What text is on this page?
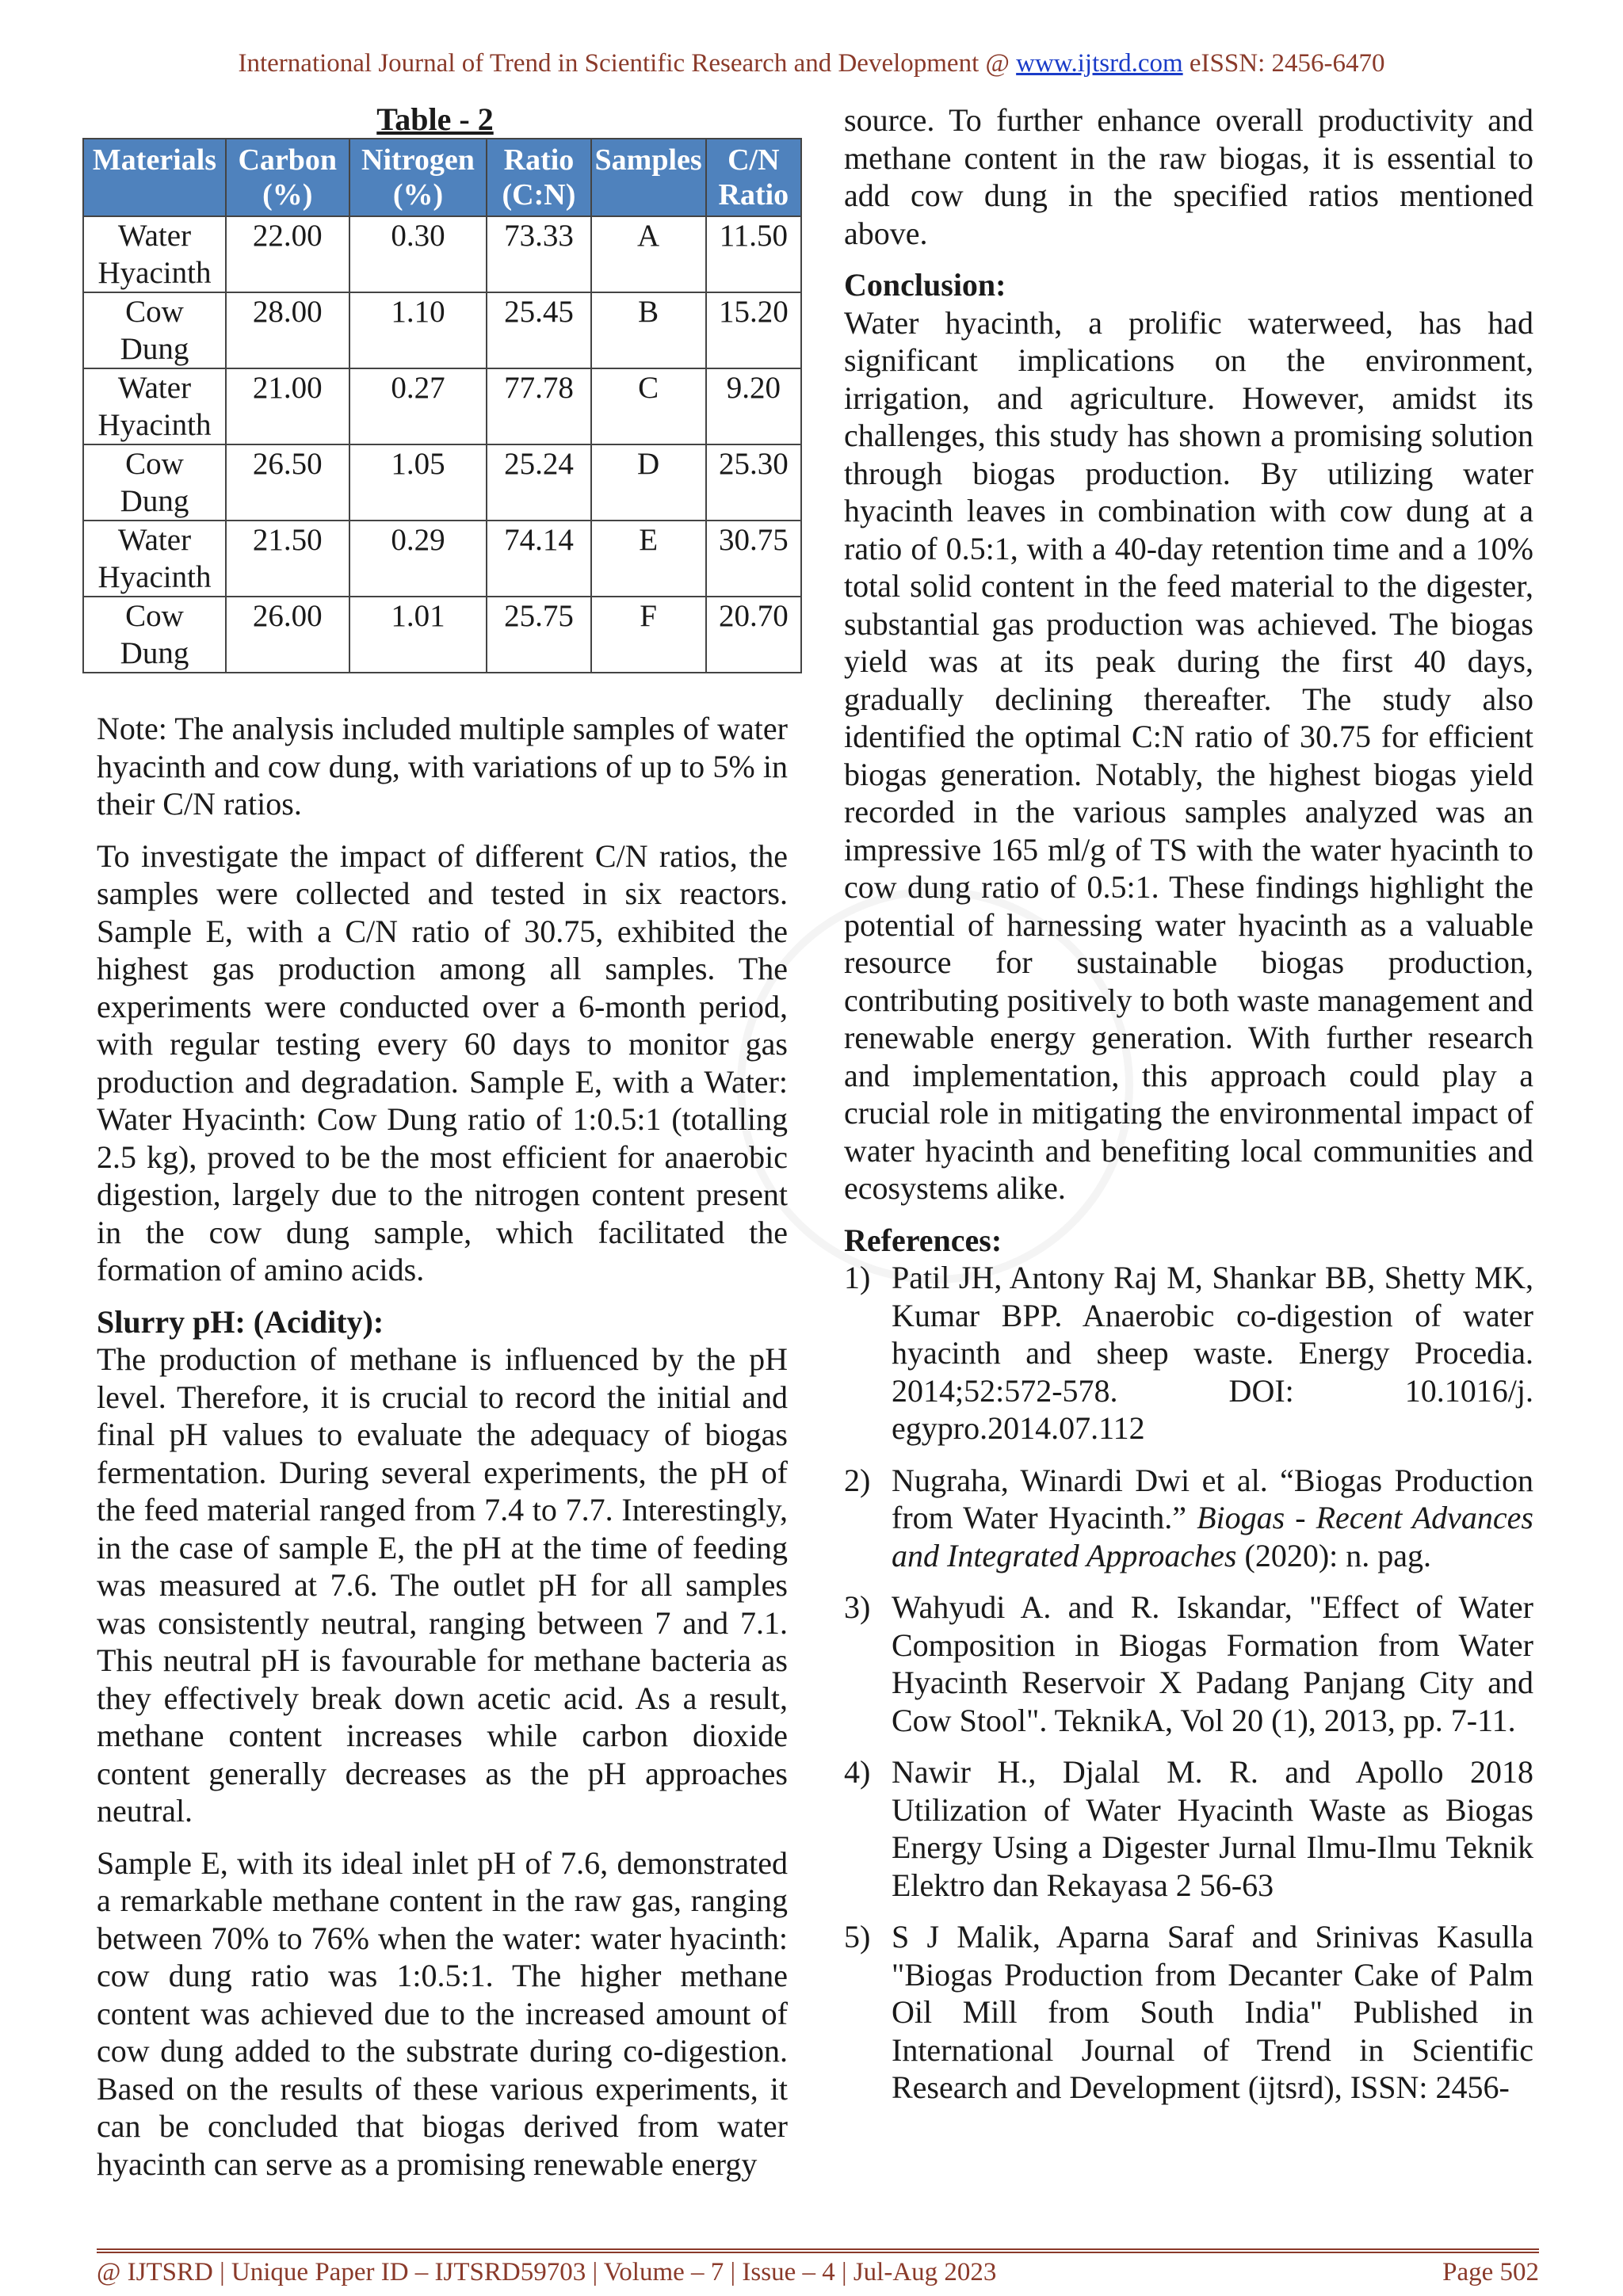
International Journal of Trend in Scientific Research and Development @ www.ijtsrd.com eISSN: 2456-6470
Table - 2
Materials	Carbon (%)	Nitrogen (%)	Ratio (C:N)	Samples	C/N Ratio
Water Hyacinth	22.00	0.30	73.33	A	11.50
Cow Dung	28.00	1.10	25.45	B	15.20
Water Hyacinth	21.00	0.27	77.78	C	9.20
Cow Dung	26.50	1.05	25.24	D	25.30
Water Hyacinth	21.50	0.29	74.14	E	30.75
Cow Dung	26.00	1.01	25.75	F	20.70

Note: The analysis included multiple samples of water hyacinth and cow dung, with variations of up to 5% in their C/N ratios.

To investigate the impact of different C/N ratios, the samples were collected and tested in six reactors. Sample E, with a C/N ratio of 30.75, exhibited the highest gas production among all samples. The experiments were conducted over a 6-month period, with regular testing every 60 days to monitor gas production and degradation. Sample E, with a Water: Water Hyacinth: Cow Dung ratio of 1:0.5:1 (totalling 2.5 kg), proved to be the most efficient for anaerobic digestion, largely due to the nitrogen content present in the cow dung sample, which facilitated the formation of amino acids.

Slurry pH: (Acidity):

The production of methane is influenced by the pH level. Therefore, it is crucial to record the initial and final pH values to evaluate the adequacy of biogas fermentation. During several experiments, the pH of the feed material ranged from 7.4 to 7.7. Interestingly, in the case of sample E, the pH at the time of feeding was measured at 7.6. The outlet pH for all samples was consistently neutral, ranging between 7 and 7.1. This neutral pH is favourable for methane bacteria as they effectively break down acetic acid. As a result, methane content increases while carbon dioxide content generally decreases as the pH approaches neutral.

Sample E, with its ideal inlet pH of 7.6, demonstrated a remarkable methane content in the raw gas, ranging between 70% to 76% when the water: water hyacinth: cow dung ratio was 1:0.5:1. The higher methane content was achieved due to the increased amount of cow dung added to the substrate during co-digestion. Based on the results of these various experiments, it can be concluded that biogas derived from water hyacinth can serve as a promising renewable energy

source. To further enhance overall productivity and methane content in the raw biogas, it is essential to add cow dung in the specified ratios mentioned above.

Conclusion:

Water hyacinth, a prolific waterweed, has had significant implications on the environment, irrigation, and agriculture. However, amidst its challenges, this study has shown a promising solution through biogas production. By utilizing water hyacinth leaves in combination with cow dung at a ratio of 0.5:1, with a 40-day retention time and a 10% total solid content in the feed material to the digester, substantial gas production was achieved. The biogas yield was at its peak during the first 40 days, gradually declining thereafter. The study also identified the optimal C:N ratio of 30.75 for efficient biogas generation. Notably, the highest biogas yield recorded in the various samples analyzed was an impressive 165 ml/g of TS with the water hyacinth to cow dung ratio of 0.5:1. These findings highlight the potential of harnessing water hyacinth as a valuable resource for sustainable biogas production, contributing positively to both waste management and renewable energy generation. With further research and implementation, this approach could play a crucial role in mitigating the environmental impact of water hyacinth and benefiting local communities and ecosystems alike.

References:
1) Patil JH, Antony Raj M, Shankar BB, Shetty MK, Kumar BPP. Anaerobic co-digestion of water hyacinth and sheep waste. Energy Procedia. 2014;52:572-578. DOI: 10.1016/j. egypro.2014.07.112
2) Nugraha, Winardi Dwi et al. “Biogas Production from Water Hyacinth.” Biogas - Recent Advances and Integrated Approaches (2020): n. pag.
3) Wahyudi A. and R. Iskandar, "Effect of Water Composition in Biogas Formation from Water Hyacinth Reservoir X Padang Panjang City and Cow Stool". TeknikA, Vol 20 (1), 2013, pp. 7-11.
4) Nawir H., Djalal M. R. and Apollo 2018 Utilization of Water Hyacinth Waste as Biogas Energy Using a Digester Jurnal Ilmu-Ilmu Teknik Elektro dan Rekayasa 2 56-63
5) S J Malik, Aparna Saraf and Srinivas Kasulla "Biogas Production from Decanter Cake of Palm Oil Mill from South India" Published in International Journal of Trend in Scientific Research and Development (ijtsrd), ISSN: 2456-
@ IJTSRD | Unique Paper ID – IJTSRD59703 | Volume – 7 | Issue – 4 | Jul-Aug 2023	Page 502
